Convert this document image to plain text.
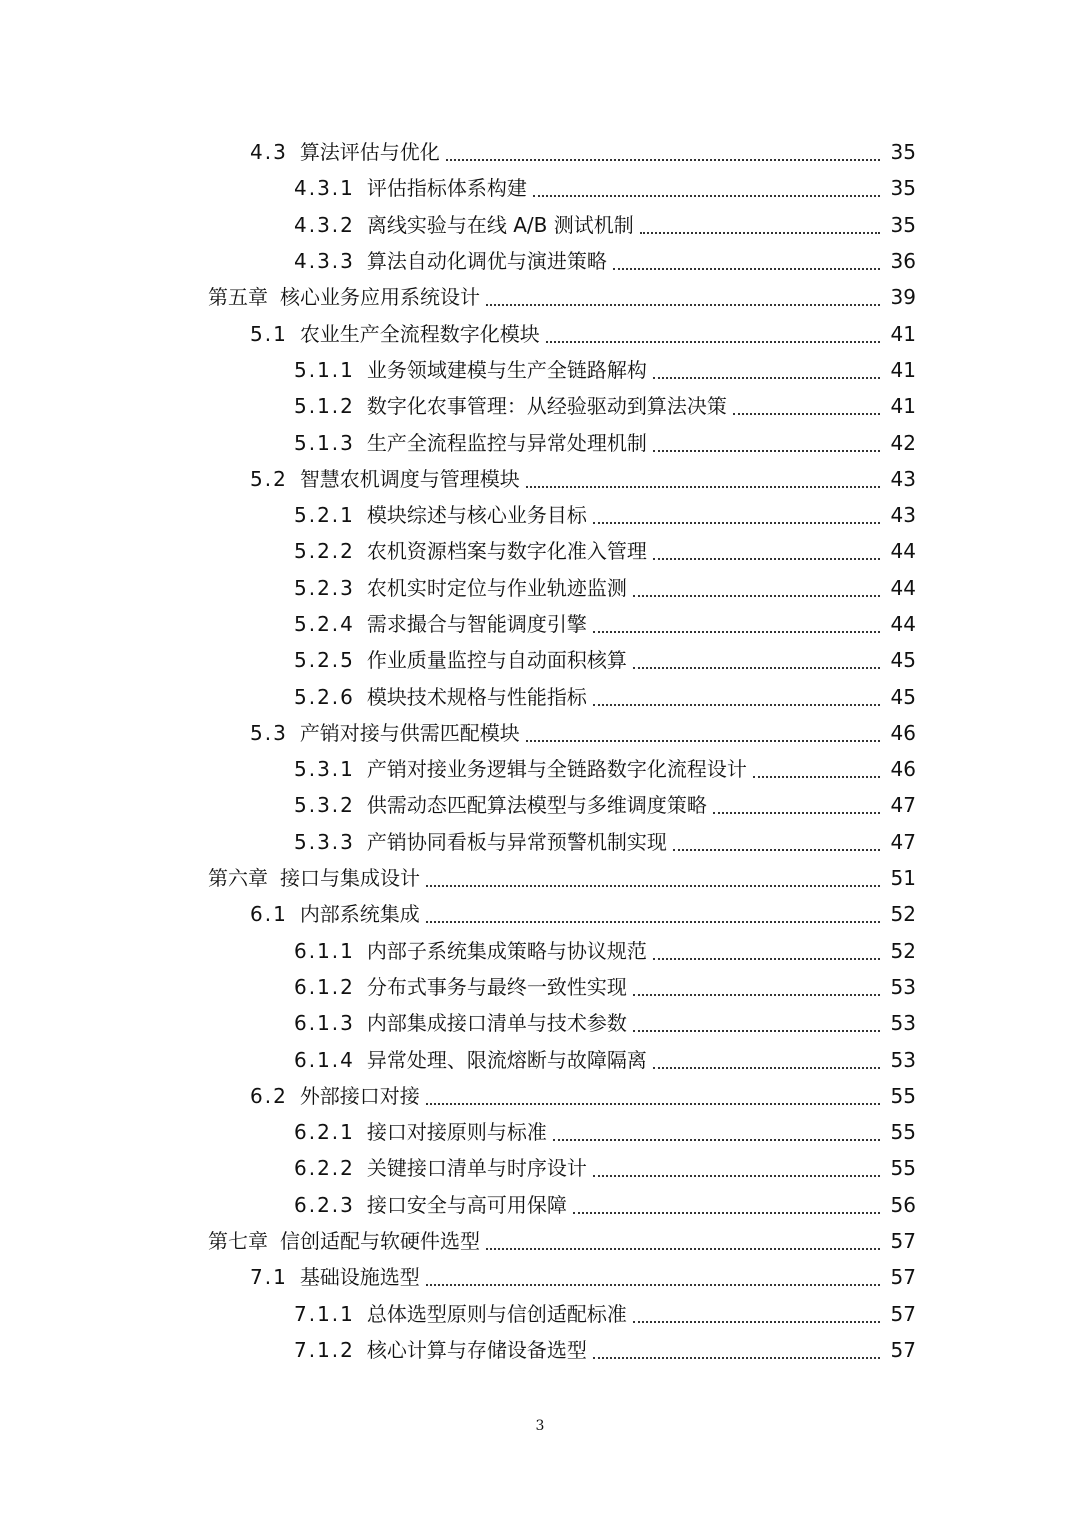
4.3 算法评估与优化	35
4.3.1 评估指标体系构建	35
4.3.2 离线实验与在线 A/B 测试机制	35
4.3.3 算法自动化调优与演进策略	36
第五章 核心业务应用系统设计	39
5.1 农业生产全流程数字化模块	41
5.1.1 业务领域建模与生产全链路解构	41
5.1.2 数字化农事管理：从经验驱动到算法决策	41
5.1.3 生产全流程监控与异常处理机制	42
5.2 智慧农机调度与管理模块	43
5.2.1 模块综述与核心业务目标	43
5.2.2 农机资源档案与数字化准入管理	44
5.2.3 农机实时定位与作业轨迹监测	44
5.2.4 需求撮合与智能调度引擎	44
5.2.5 作业质量监控与自动面积核算	45
5.2.6 模块技术规格与性能指标	45
5.3 产销对接与供需匹配模块	46
5.3.1 产销对接业务逻辑与全链路数字化流程设计	46
5.3.2 供需动态匹配算法模型与多维调度策略	47
5.3.3 产销协同看板与异常预警机制实现	47
第六章 接口与集成设计	51
6.1 内部系统集成	52
6.1.1 内部子系统集成策略与协议规范	52
6.1.2 分布式事务与最终一致性实现	53
6.1.3 内部集成接口清单与技术参数	53
6.1.4 异常处理、限流熔断与故障隔离	53
6.2 外部接口对接	55
6.2.1 接口对接原则与标准	55
6.2.2 关键接口清单与时序设计	55
6.2.3 接口安全与高可用保障	56
第七章 信创适配与软硬件选型	57
7.1 基础设施选型	57
7.1.1 总体选型原则与信创适配标准	57
7.1.2 核心计算与存储设备选型	57
3
